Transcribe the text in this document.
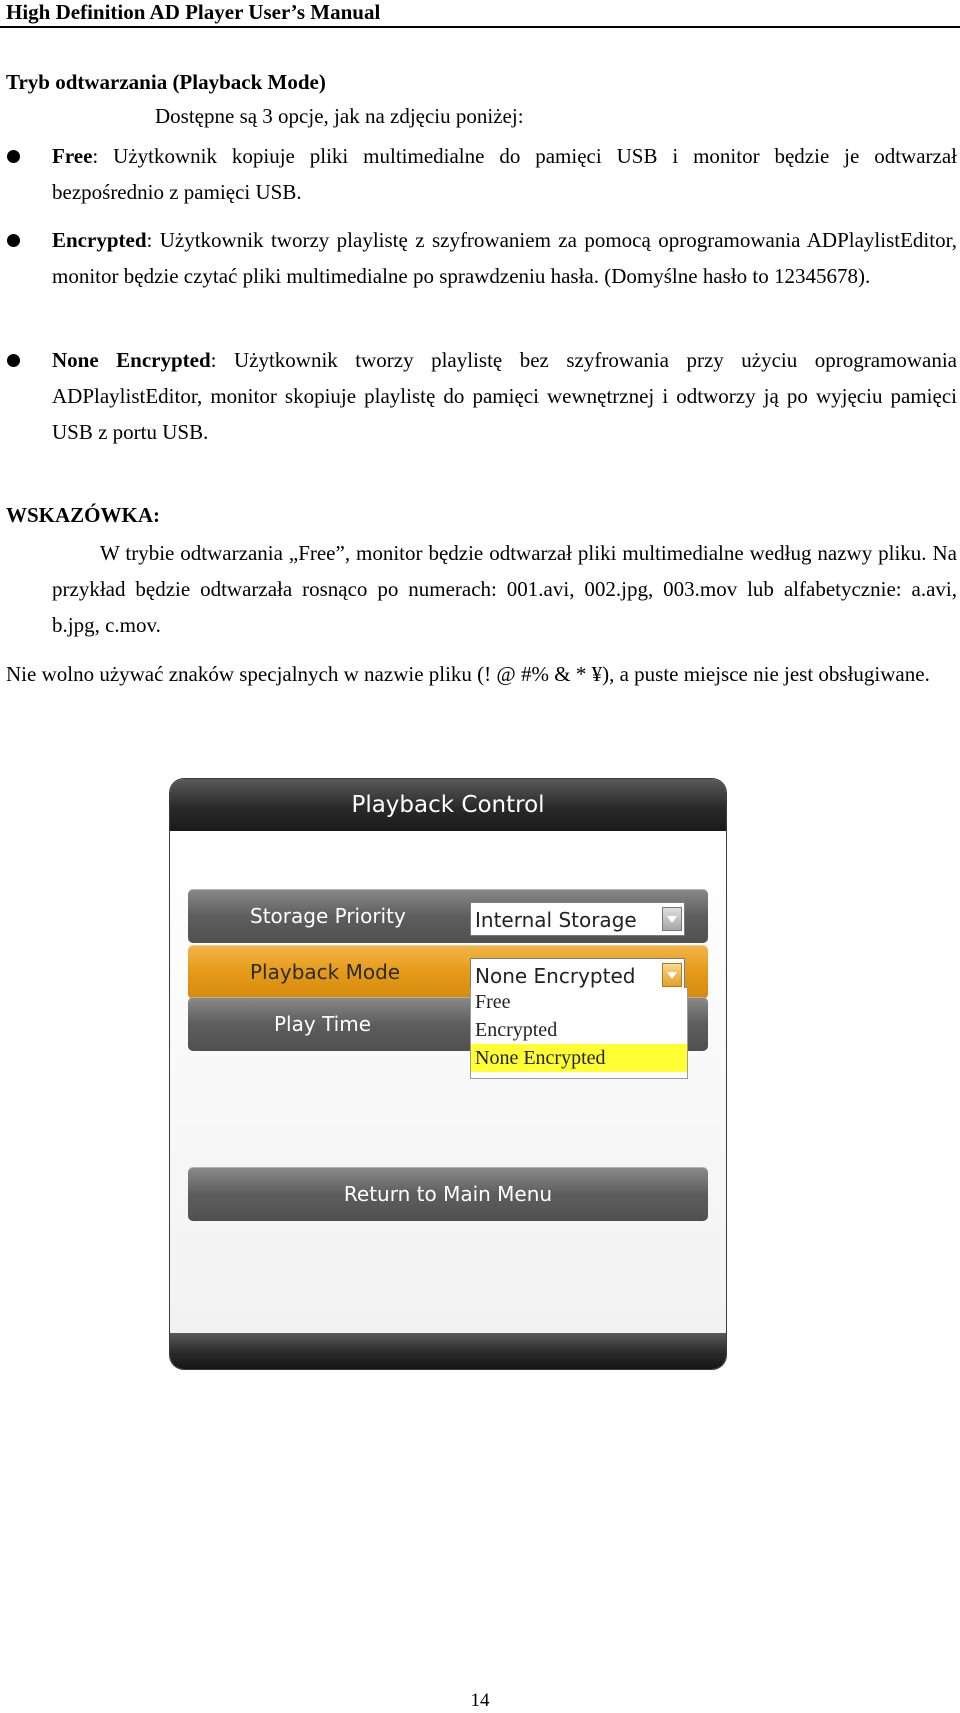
High Definition AD Player User’s Manual
Tryb odtwarzania (Playback Mode)
Dostępne są 3 opcje, jak na zdjęciu poniżej:
Free: Użytkownik kopiuje pliki multimedialne do pamięci USB i monitor będzie je odtwarzał bezpośrednio z pamięci USB.
Encrypted: Użytkownik tworzy playlistę z szyfrowaniem za pomocą oprogramowania ADPlaylistEditor, monitor będzie czytać pliki multimedialne po sprawdzeniu hasła. (Domyślne hasło to 12345678).
None Encrypted: Użytkownik tworzy playlistę bez szyfrowania przy użyciu oprogramowania ADPlaylistEditor, monitor skopiuje playlistę do pamięci wewnętrznej i odtworzy ją po wyjęciu pamięci USB z portu USB.
WSKAZÓWKA:
W trybie odtwarzania „Free”, monitor będzie odtwarzał pliki multimedialne według nazwy pliku. Na przykład będzie odtwarzała rosnąco po numerach: 001.avi, 002.jpg, 003.mov lub alfabetycznie: a.avi, b.jpg, c.mov.
Nie wolno używać znaków specjalnych w nazwie pliku (! @ #% & * ¥), a puste miejsce nie jest obsługiwane.
Playback Control
Storage Priority	Internal Storage
Playback Mode	None Encrypted
Play Time
Return to Main Menu
Free
Encrypted
None Encrypted
14
